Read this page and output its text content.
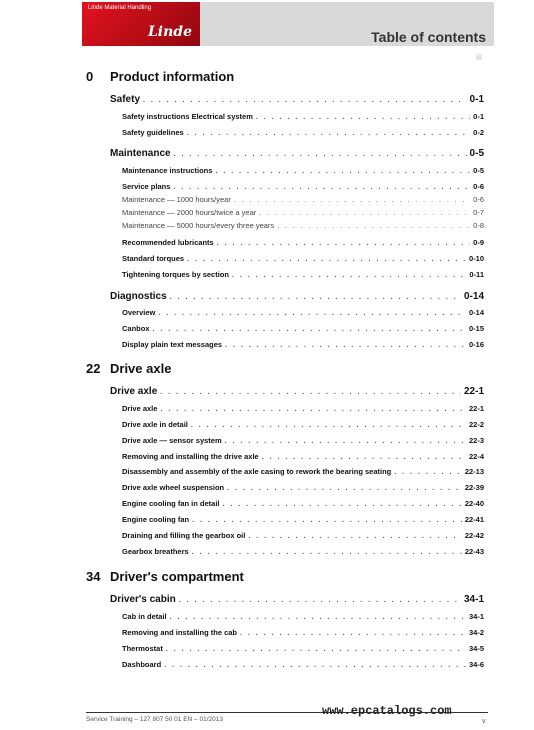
Linde Material Handling
Linde	Table of contents
iii
0 Product information
Safety . . .	0-1
Safety instructions Electrical system . . .	0-1
Safety guidelines . . .	0-2
Maintenance . . .	0-5
Maintenance instructions . . .	0-5
Service plans . . .	0-6
Maintenance — 1000 hours/year . . .	0-6
Maintenance — 2000 hours/twice a year . . .	0-7
Maintenance — 5000 hours/every three years . . .	0-8
Recommended lubricants . . .	0-9
Standard torques . . .	0-10
Tightening torques by section . . .	0-11
Diagnostics . . .	0-14
Overview . . .	0-14
Canbox . . .	0-15
Display plain text messages . . .	0-16
22 Drive axle
Drive axle . . .	22-1
Drive axle . . .	22-1
Drive axle in detail . . .	22-2
Drive axle — sensor system . . .	22-3
Removing and installing the drive axle . . .	22-4
Disassembly and assembly of the axle casing to rework the bearing seating . . .	22-13
Drive axle wheel suspension . . .	22-39
Engine cooling fan in detail . . .	22-40
Engine cooling fan . . .	22-41
Draining and filling the gearbox oil . . .	22-42
Gearbox breathers . . .	22-43
34 Driver's compartment
Driver's cabin . . .	34-1
Cab in detail . . .	34-1
Removing and installing the cab . . .	34-2
Thermostat . . .	34-5
Dashboard . . .	34-6
Service Training – 127 807 50 01 EN – 01/2013
www.epcatalogs.com
v
